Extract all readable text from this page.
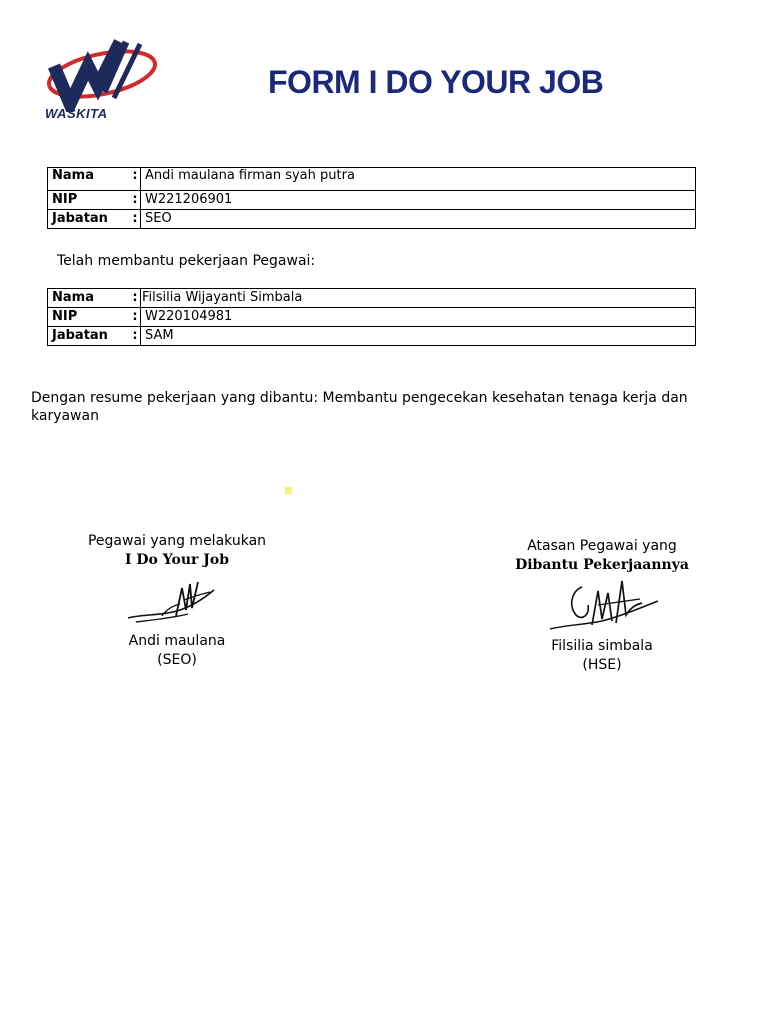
WASKITA
FORM I DO YOUR JOB
Nama	:	Andi maulana firman syah putra
NIP	:	W221206901
Jabatan	:	SEO
Telah membantu pekerjaan Pegawai:
Nama	:	Filsilia Wijayanti Simbala
NIP	:	W220104981
Jabatan	:	SAM
Dengan resume pekerjaan yang dibantu: Membantu pengecekan kesehatan tenaga kerja dan karyawan
Pegawai yang melakukan
I Do Your Job
Andi maulana
(SEO)
Atasan Pegawai yang
Dibantu Pekerjaannya
Filsilia simbala
(HSE)
